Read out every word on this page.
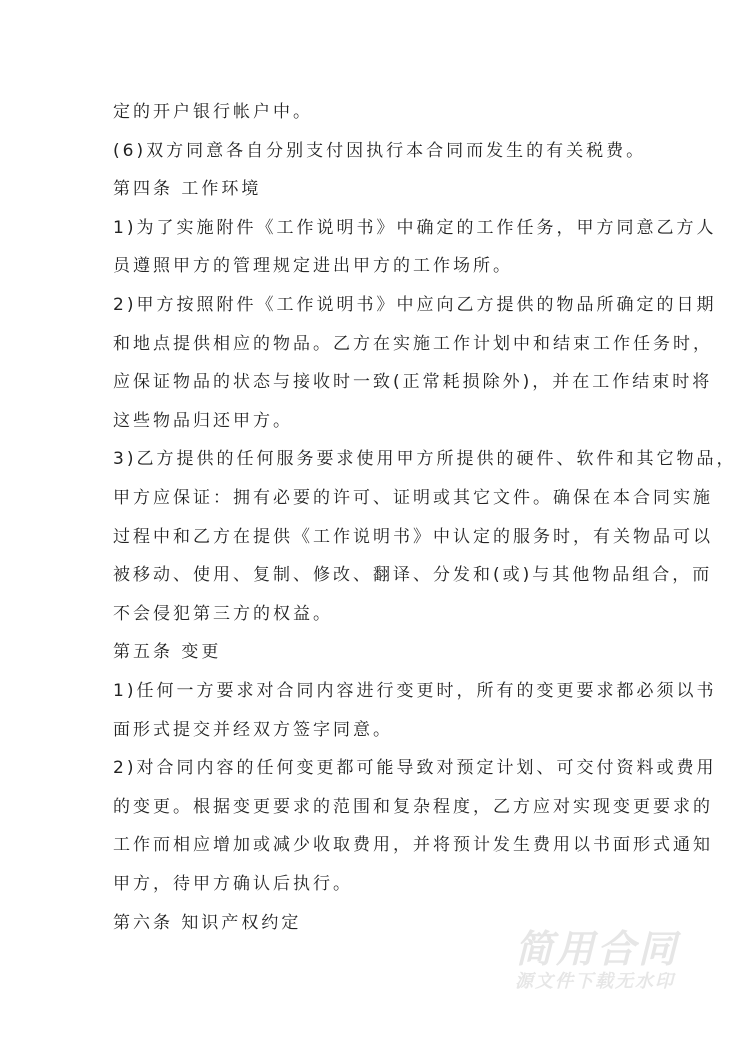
定的开户银行帐户中。
(6)双方同意各自分别支付因执行本合同而发生的有关税费。
第四条 工作环境
1)为了实施附件《工作说明书》中确定的工作任务，甲方同意乙方人
员遵照甲方的管理规定进出甲方的工作场所。
2)甲方按照附件《工作说明书》中应向乙方提供的物品所确定的日期
和地点提供相应的物品。乙方在实施工作计划中和结束工作任务时，
应保证物品的状态与接收时一致(正常耗损除外)，并在工作结束时将
这些物品归还甲方。
3)乙方提供的任何服务要求使用甲方所提供的硬件、软件和其它物品，
甲方应保证：拥有必要的许可、证明或其它文件。确保在本合同实施
过程中和乙方在提供《工作说明书》中认定的服务时，有关物品可以
被移动、使用、复制、修改、翻译、分发和(或)与其他物品组合，而
不会侵犯第三方的权益。
第五条 变更
1)任何一方要求对合同内容进行变更时，所有的变更要求都必须以书
面形式提交并经双方签字同意。
2)对合同内容的任何变更都可能导致对预定计划、可交付资料或费用
的变更。根据变更要求的范围和复杂程度，乙方应对实现变更要求的
工作而相应增加或减少收取费用，并将预计发生费用以书面形式通知
甲方，待甲方确认后执行。
第六条 知识产权约定
简用合同
源文件下载无水印
